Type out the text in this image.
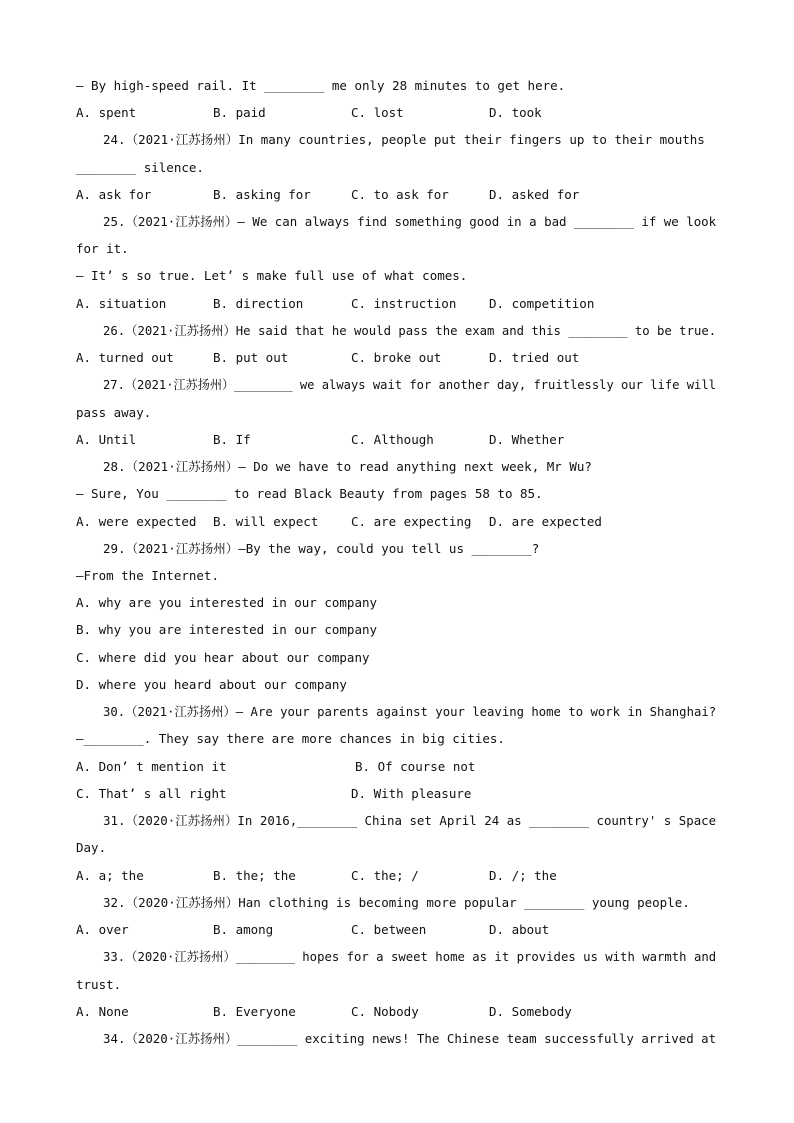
— By high-speed rail. It ________ me only 28 minutes to get here.
A. spent	B. paid	C. lost	D. took
24.（2021·江苏扬州）In many countries, people put their fingers up to their mouths
________ silence.
A. ask for	B. asking for	C. to ask for	D. asked for
25.（2021·江苏扬州）— We can always find something good in a bad ________ if we look
for it.
— It’ s so true. Let’ s make full use of what comes.
A. situation	B. direction	C. instruction	D. competition
26.（2021·江苏扬州）He said that he would pass the exam and this ________ to be true.
A. turned out	B. put out	C. broke out	D. tried out
27.（2021·江苏扬州）________ we always wait for another day, fruitlessly our life will
pass away.
A. Until	B. If	C. Although	D. Whether
28.（2021·江苏扬州）— Do we have to read anything next week, Mr Wu?
— Sure, You ________ to read Black Beauty from pages 58 to 85.
A. were expected B. will expect	C. are expecting D. are expected
29.（2021·江苏扬州）—By the way, could you tell us ________?
—From the Internet.
A. why are you interested in our company
B. why you are interested in our company
C. where did you hear about our company
D. where you heard about our company
30.（2021·江苏扬州）— Are your parents against your leaving home to work in Shanghai?
—________. They say there are more chances in big cities.
A. Don’ t mention it	B. Of course not
C. That’ s all right	D. With pleasure
31.（2020·江苏扬州）In 2016,________ China set April 24 as ________ country' s Space
Day.
A. a; the	B. the; the	C. the; /	D. /; the
32.（2020·江苏扬州）Han clothing is becoming more popular ________ young people.
A. over	B. among	C. between	D. about
33.（2020·江苏扬州）________ hopes for a sweet home as it provides us with warmth and
trust.
A. None	B. Everyone	C. Nobody	D. Somebody
34.（2020·江苏扬州）________ exciting news! The Chinese team successfully arrived at
